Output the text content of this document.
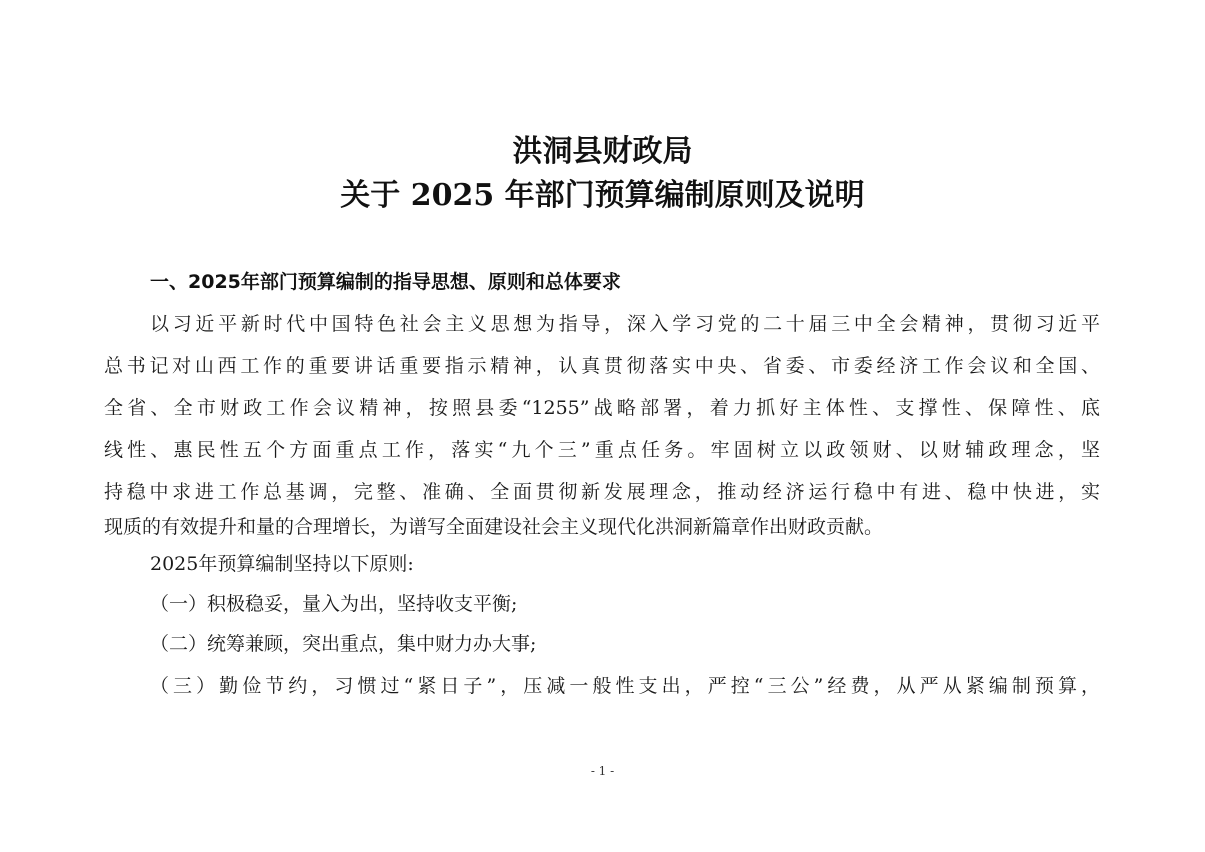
洪洞县财政局
关于 2025 年部门预算编制原则及说明
一、2025年部门预算编制的指导思想、原则和总体要求
以习近平新时代中国特色社会主义思想为指导，深入学习党的二十届三中全会精神，贯彻习近平
总书记对山西工作的重要讲话重要指示精神，认真贯彻落实中央、省委、市委经济工作会议和全国、
全省、全市财政工作会议精神，按照县委“1255”战略部署，着力抓好主体性、支撑性、保障性、底
线性、惠民性五个方面重点工作，落实“九个三”重点任务。牢固树立以政领财、以财辅政理念，坚
持稳中求进工作总基调，完整、准确、全面贯彻新发展理念，推动经济运行稳中有进、稳中快进，实
现质的有效提升和量的合理增长，为谱写全面建设社会主义现代化洪洞新篇章作出财政贡献。
2025年预算编制坚持以下原则:
（一）积极稳妥，量入为出，坚持收支平衡;
（二）统筹兼顾，突出重点，集中财力办大事;
（三）勤俭节约，习惯过“紧日子”，压减一般性支出，严控“三公”经费，从严从紧编制预算，
- 1 -
